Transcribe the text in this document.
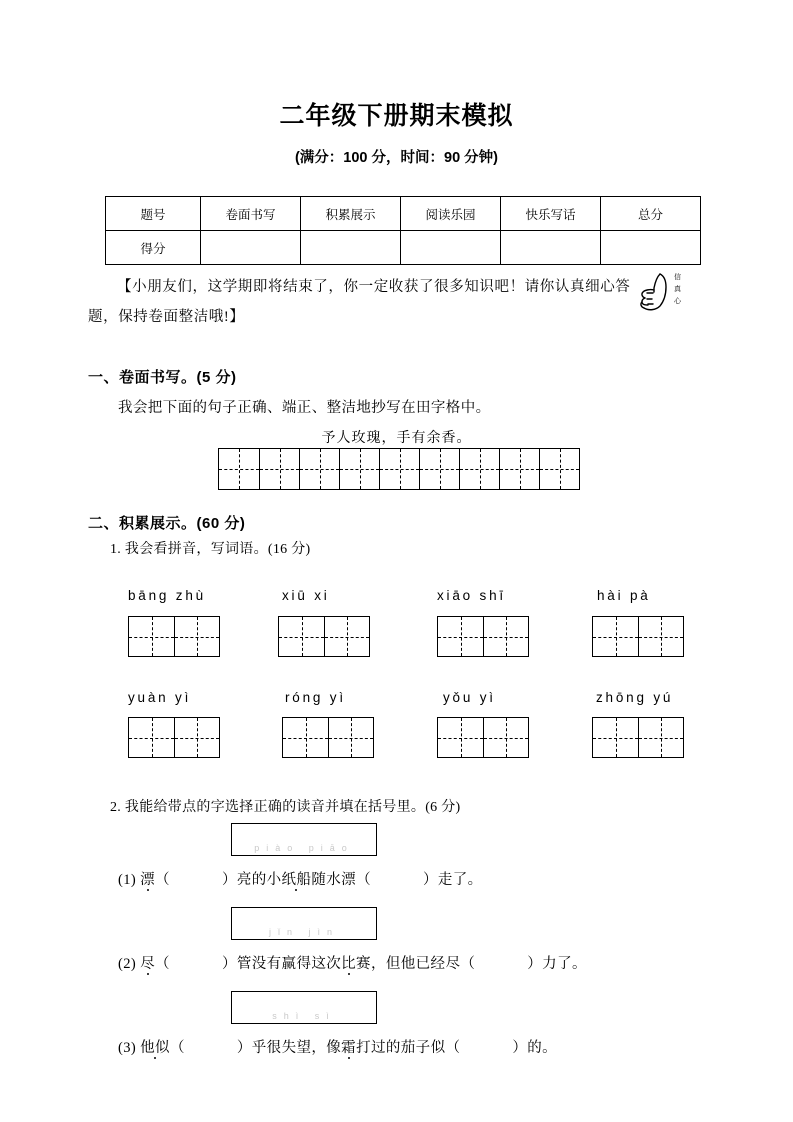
二年级下册期末模拟
(满分：100 分，时间：90 分钟)
题号	卷面书写	积累展示	阅读乐园	快乐写话	总分
得分					
【小朋友们，这学期即将结束了，你一定收获了很多知识吧！请你认真细心答题，保持卷面整洁哦!】
信
真
心
一、卷面书写。(5 分)
我会把下面的句子正确、端正、整洁地抄写在田字格中。
予人玫瑰，手有余香。
二、积累展示。(60 分)
1. 我会看拼音，写词语。(16 分)
bāng zhù	xiū xi	xiāo shī	hài pà
yuàn yì	róng yì	yǒu yì	zhōng yú
2. 我能给带点的字选择正确的读音并填在括号里。(6 分)
piào piāo
(1) 漂（	）亮的小纸船随水漂（	）走了。
jǐn jìn
(2) 尽（	）管没有赢得这次比赛，但他已经尽（	）力了。
shì sì
(3) 他似（	）乎很失望，像霜打过的茄子似（	）的。
